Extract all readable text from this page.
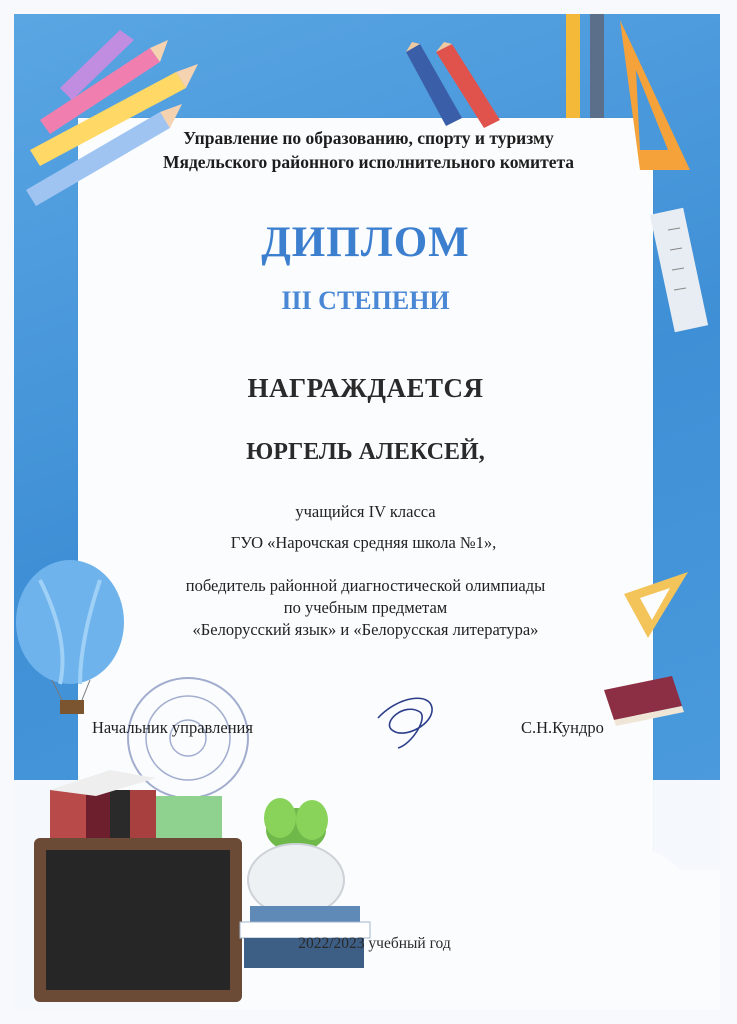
Управление по образованию, спорту и туризму
Мядельского районного исполнительного комитета
ДИПЛОМ
III СТЕПЕНИ
НАГРАЖДАЕТСЯ
ЮРГЕЛЬ АЛЕКСЕЙ,
учащийся IV класса
ГУО «Нарочская средняя школа №1»,
победитель районной диагностической олимпиады
по учебным предметам
«Белорусский язык» и «Белорусская литература»
Начальник управления	С.Н.Кундро
2022/2023 учебный год
